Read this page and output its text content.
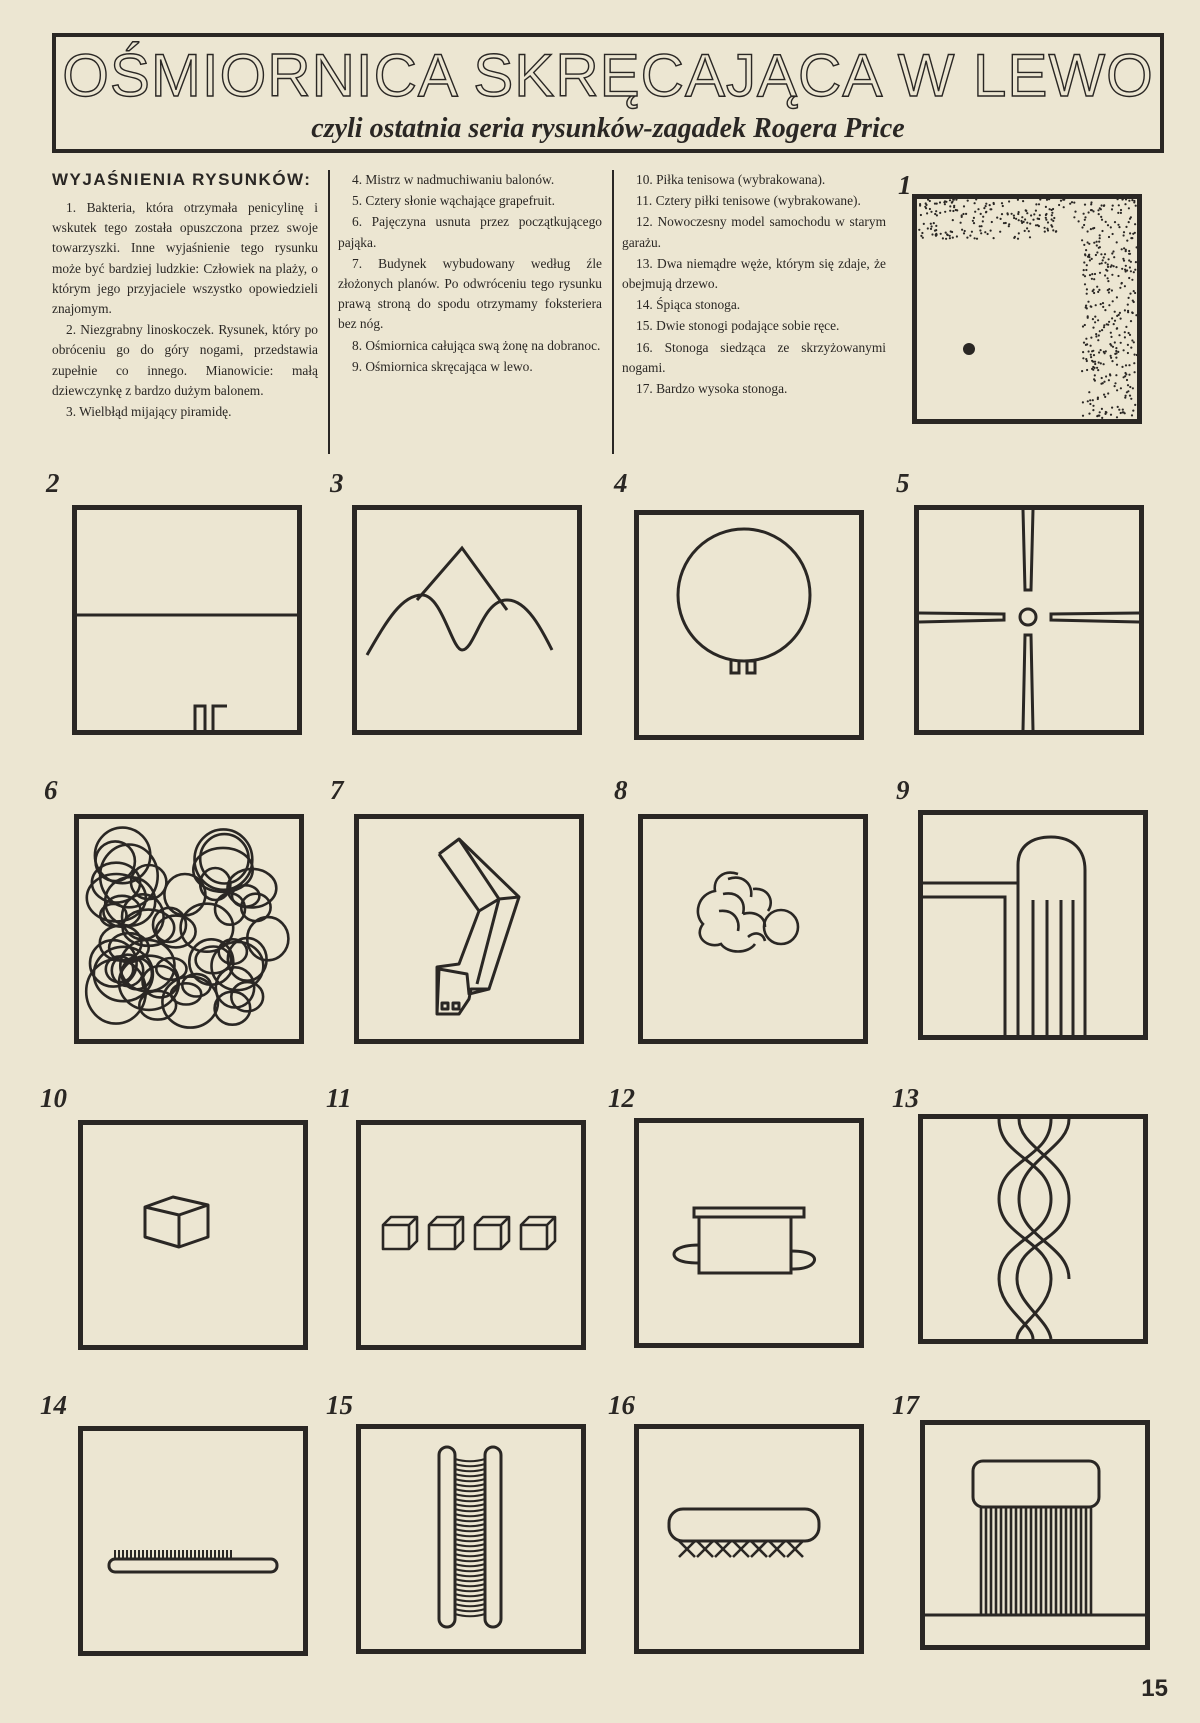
OŚMIORNICA SKRĘCAJĄCA W LEWO
czyli ostatnia seria rysunków-zagadek Rogera Price
WYJAŚNIENIA RYSUNKÓW:

1. Bakteria, która otrzymała penicylinę i wskutek tego została opuszczona przez swoje towarzyszki. Inne wyjaśnienie tego rysunku może być bardziej ludzkie: Człowiek na plaży, o którym jego przyjaciele wszystko opowiedzieli znajomym.

2. Niezgrabny linoskoczek. Rysunek, który po obróceniu go do góry nogami, przedstawia zupełnie co innego. Mianowicie: małą dziewczynkę z bardzo dużym balonem.

3. Wielbłąd mijający piramidę.

4. Mistrz w nadmuchiwaniu balonów.

5. Cztery słonie wąchające grapefruit.

6. Pajęczyna usnuta przez początkującego pająka.

7. Budynek wybudowany według źle złożonych planów. Po odwróceniu tego rysunku prawą stroną do spodu otrzymamy foksteriera bez nóg.

8. Ośmiornica całująca swą żonę na dobranoc.

9. Ośmiornica skręcająca w lewo.

10. Piłka tenisowa (wybrakowana).

11. Cztery piłki tenisowe (wybrakowane).

12. Nowoczesny model samochodu w starym garażu.

13. Dwa niemądre węże, którym się zdaje, że obejmują drzewo.

14. Śpiąca stonoga.

15. Dwie stonogi podające sobie ręce.

16. Stonoga siedząca ze skrzyżowanymi nogami.

17. Bardzo wysoka stonoga.

1
2	3	4	5
6	7	8	9
10	11	12	13
14	15	16	17
15
